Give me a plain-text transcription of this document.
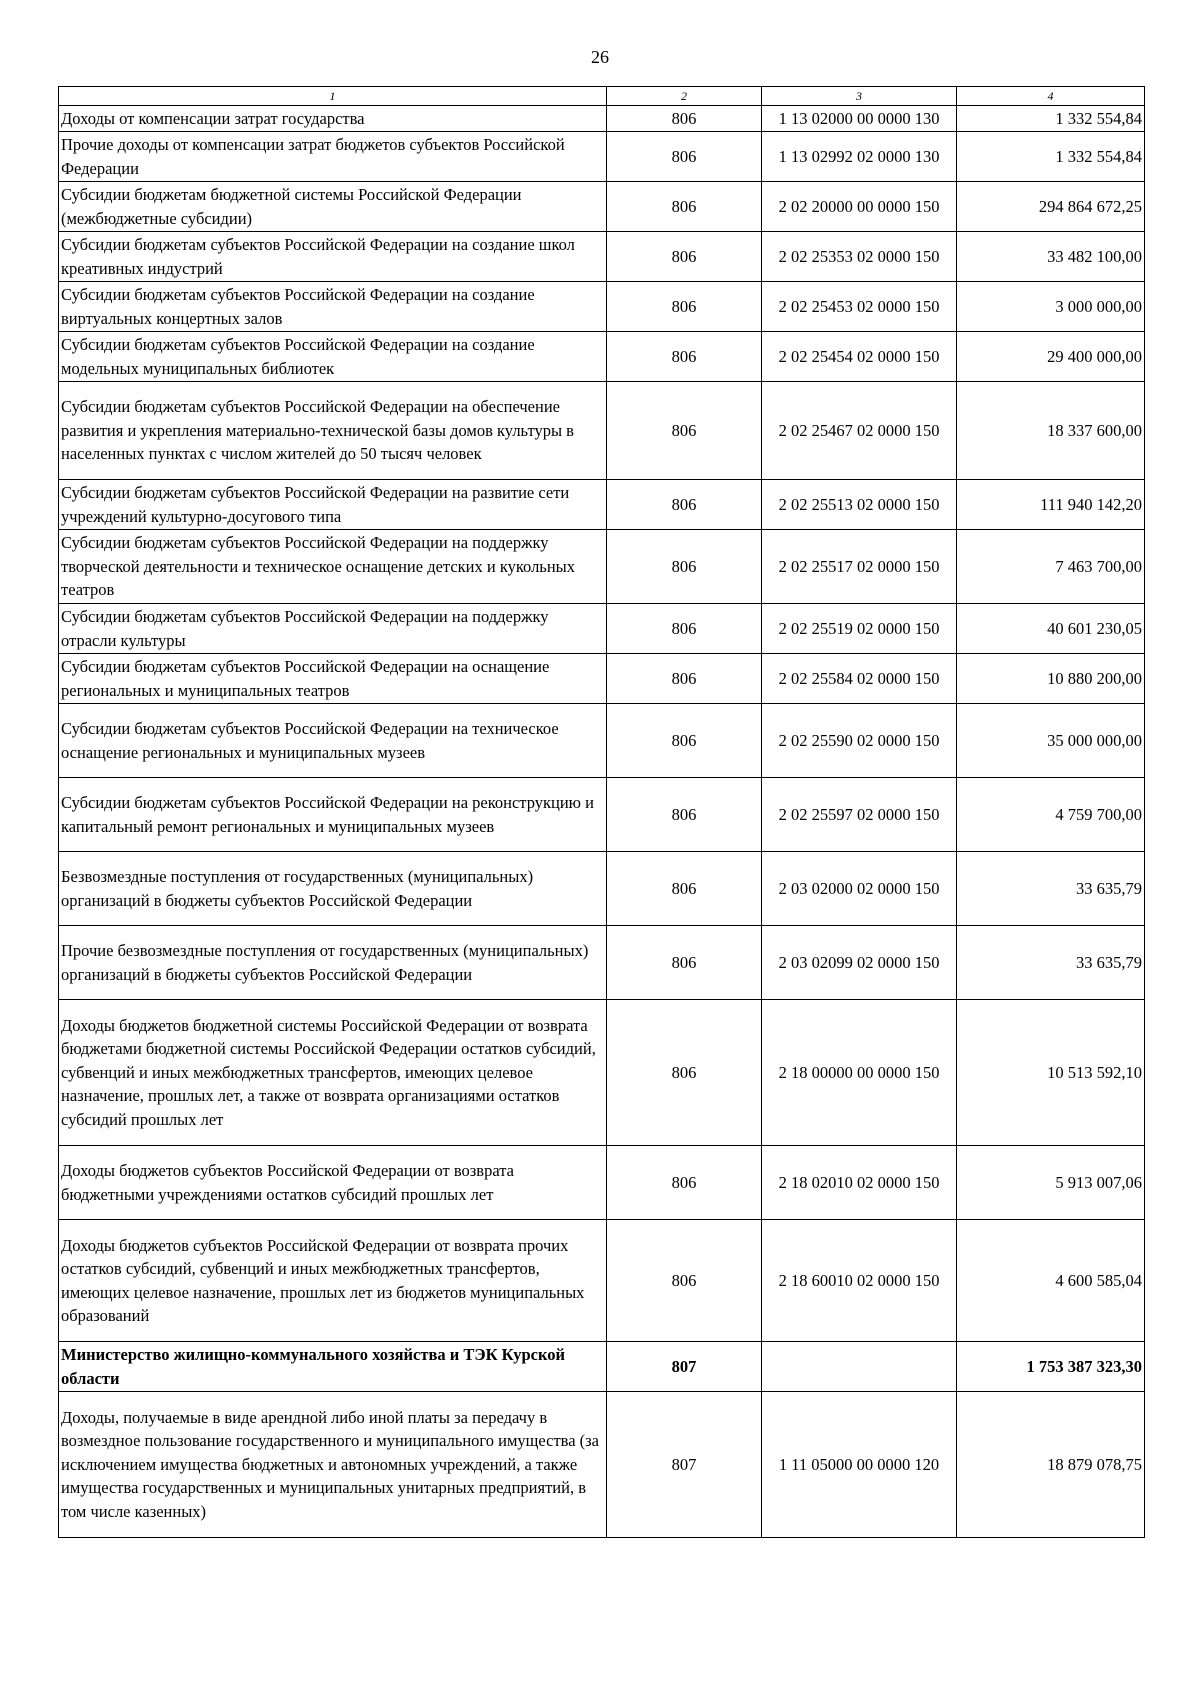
26
1	2	3	4
Доходы от компенсации затрат государства	806	1 13 02000 00 0000 130	1 332 554,84
Прочие доходы от компенсации затрат бюджетов субъектов Российской Федерации	806	1 13 02992 02 0000 130	1 332 554,84
Субсидии бюджетам бюджетной системы Российской Федерации (межбюджетные субсидии)	806	2 02 20000 00 0000 150	294 864 672,25
Субсидии бюджетам субъектов Российской Федерации на создание школ креативных индустрий	806	2 02 25353 02 0000 150	33 482 100,00
Субсидии бюджетам субъектов Российской Федерации на создание виртуальных концертных залов	806	2 02 25453 02 0000 150	3 000 000,00
Субсидии бюджетам субъектов Российской Федерации на создание модельных муниципальных библиотек	806	2 02 25454 02 0000 150	29 400 000,00
Субсидии бюджетам субъектов Российской Федерации на обеспечение развития и укрепления материально-технической базы домов культуры в населенных пунктах с числом жителей до 50 тысяч человек	806	2 02 25467 02 0000 150	18 337 600,00
Субсидии бюджетам субъектов Российской Федерации на развитие сети учреждений культурно-досугового типа	806	2 02 25513 02 0000 150	111 940 142,20
Субсидии бюджетам субъектов Российской Федерации на поддержку творческой деятельности и техническое оснащение детских и кукольных театров	806	2 02 25517 02 0000 150	7 463 700,00
Субсидии бюджетам субъектов Российской Федерации на поддержку отрасли культуры	806	2 02 25519 02 0000 150	40 601 230,05
Субсидии бюджетам субъектов Российской Федерации на оснащение региональных и муниципальных театров	806	2 02 25584 02 0000 150	10 880 200,00
Субсидии бюджетам субъектов Российской Федерации на техническое оснащение региональных и муниципальных музеев	806	2 02 25590 02 0000 150	35 000 000,00
Субсидии бюджетам субъектов Российской Федерации на реконструкцию и капитальный ремонт региональных и муниципальных музеев	806	2 02 25597 02 0000 150	4 759 700,00
Безвозмездные поступления от государственных (муниципальных) организаций в бюджеты субъектов Российской Федерации	806	2 03 02000 02 0000 150	33 635,79
Прочие безвозмездные поступления от государственных (муниципальных) организаций в бюджеты субъектов Российской Федерации	806	2 03 02099 02 0000 150	33 635,79
Доходы бюджетов бюджетной системы Российской Федерации от возврата бюджетами бюджетной системы Российской Федерации остатков субсидий, субвенций и иных межбюджетных трансфертов, имеющих целевое назначение, прошлых лет, а также от возврата организациями остатков субсидий прошлых лет	806	2 18 00000 00 0000 150	10 513 592,10
Доходы бюджетов субъектов Российской Федерации от возврата бюджетными учреждениями остатков субсидий прошлых лет	806	2 18 02010 02 0000 150	5 913 007,06
Доходы бюджетов субъектов Российской Федерации от возврата прочих остатков субсидий, субвенций и иных межбюджетных трансфертов, имеющих целевое назначение, прошлых лет из бюджетов муниципальных образований	806	2 18 60010 02 0000 150	4 600 585,04
Министерство жилищно-коммунального хозяйства и ТЭК Курской области	807		1 753 387 323,30
Доходы, получаемые в виде арендной либо иной платы за передачу в возмездное пользование государственного и муниципального имущества (за исключением имущества бюджетных и автономных учреждений, а также имущества государственных и муниципальных унитарных предприятий, в том числе казенных)	807	1 11 05000 00 0000 120	18 879 078,75
